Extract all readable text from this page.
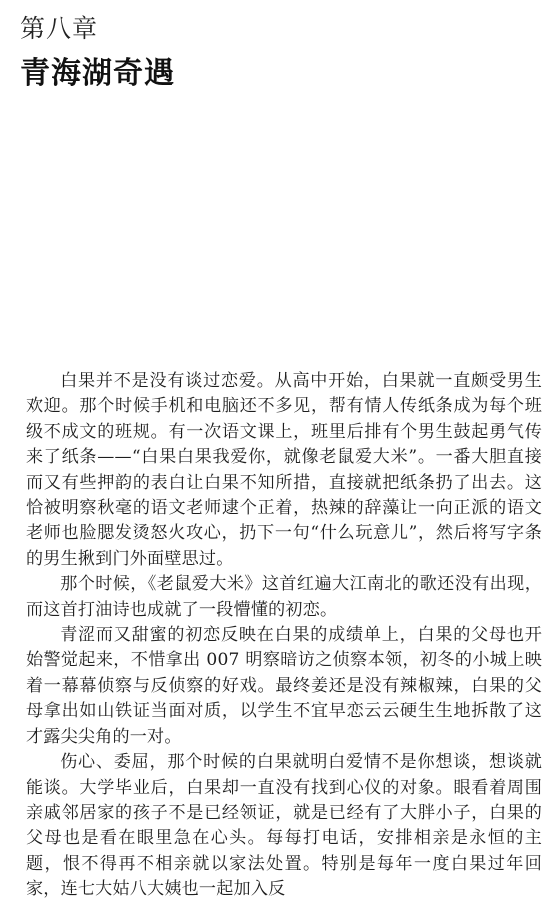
第八章
青海湖奇遇

白果并不是没有谈过恋爱。从高中开始，白果就一直颇受男生欢迎。那个时候手机和电脑还不多见，帮有情人传纸条成为每个班级不成文的班规。有一次语文课上，班里后排有个男生鼓起勇气传来了纸条——“白果白果我爱你，就像老鼠爱大米”。一番大胆直接而又有些押韵的表白让白果不知所措，直接就把纸条扔了出去。这恰被明察秋毫的语文老师逮个正着，热辣的辞藻让一向正派的语文老师也脸腮发烫怒火攻心，扔下一句“什么玩意儿”，然后将写字条的男生揪到门外面壁思过。

那个时候，《老鼠爱大米》这首红遍大江南北的歌还没有出现，而这首打油诗也成就了一段懵懂的初恋。

青涩而又甜蜜的初恋反映在白果的成绩单上，白果的父母也开始警觉起来，不惜拿出 007 明察暗访之侦察本领，初冬的小城上映着一幕幕侦察与反侦察的好戏。最终姜还是没有辣椒辣，白果的父母拿出如山铁证当面对质，以学生不宜早恋云云硬生生地拆散了这才露尖尖角的一对。

伤心、委屈，那个时候的白果就明白爱情不是你想谈，想谈就能谈。大学毕业后，白果却一直没有找到心仪的对象。眼看着周围亲戚邻居家的孩子不是已经领证，就是已经有了大胖小子，白果的父母也是看在眼里急在心头。每每打电话，安排相亲是永恒的主题，恨不得再不相亲就以家法处置。特别是每年一度白果过年回家，连七大姑八大姨也一起加入反
